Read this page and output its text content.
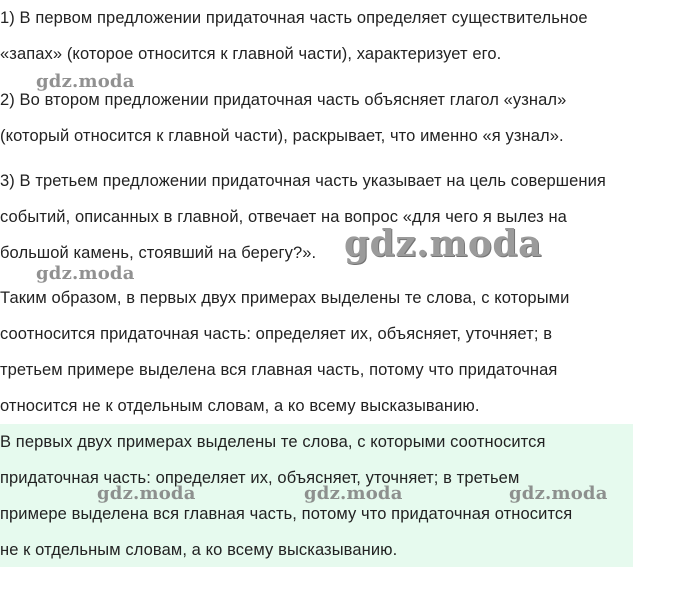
1) В первом предложении придаточная часть определяет существительное
«запах» (которое относится к главной части), характеризует его.
2) Во втором предложении придаточная часть объясняет глагол «узнал»
(который относится к главной части), раскрывает, что именно «я узнал».
3) В третьем предложении придаточная часть указывает на цель совершения
событий, описанных в главной, отвечает на вопрос «для чего я вылез на
большой камень, стоявший на берегу?».
Таким образом, в первых двух примерах выделены те слова, с которыми
соотносится придаточная часть: определяет их, объясняет, уточняет; в
третьем примере выделена вся главная часть, потому что придаточная
относится не к отдельным словам, а ко всему высказыванию.
В первых двух примерах выделены те слова, с которыми соотносится
придаточная часть: определяет их, объясняет, уточняет; в третьем
примере выделена вся главная часть, потому что придаточная относится
не к отдельным словам, а ко всему высказыванию.
gdz.moda
gdz.moda
gdz.moda
gdz.moda	gdz.moda	gdz.moda
